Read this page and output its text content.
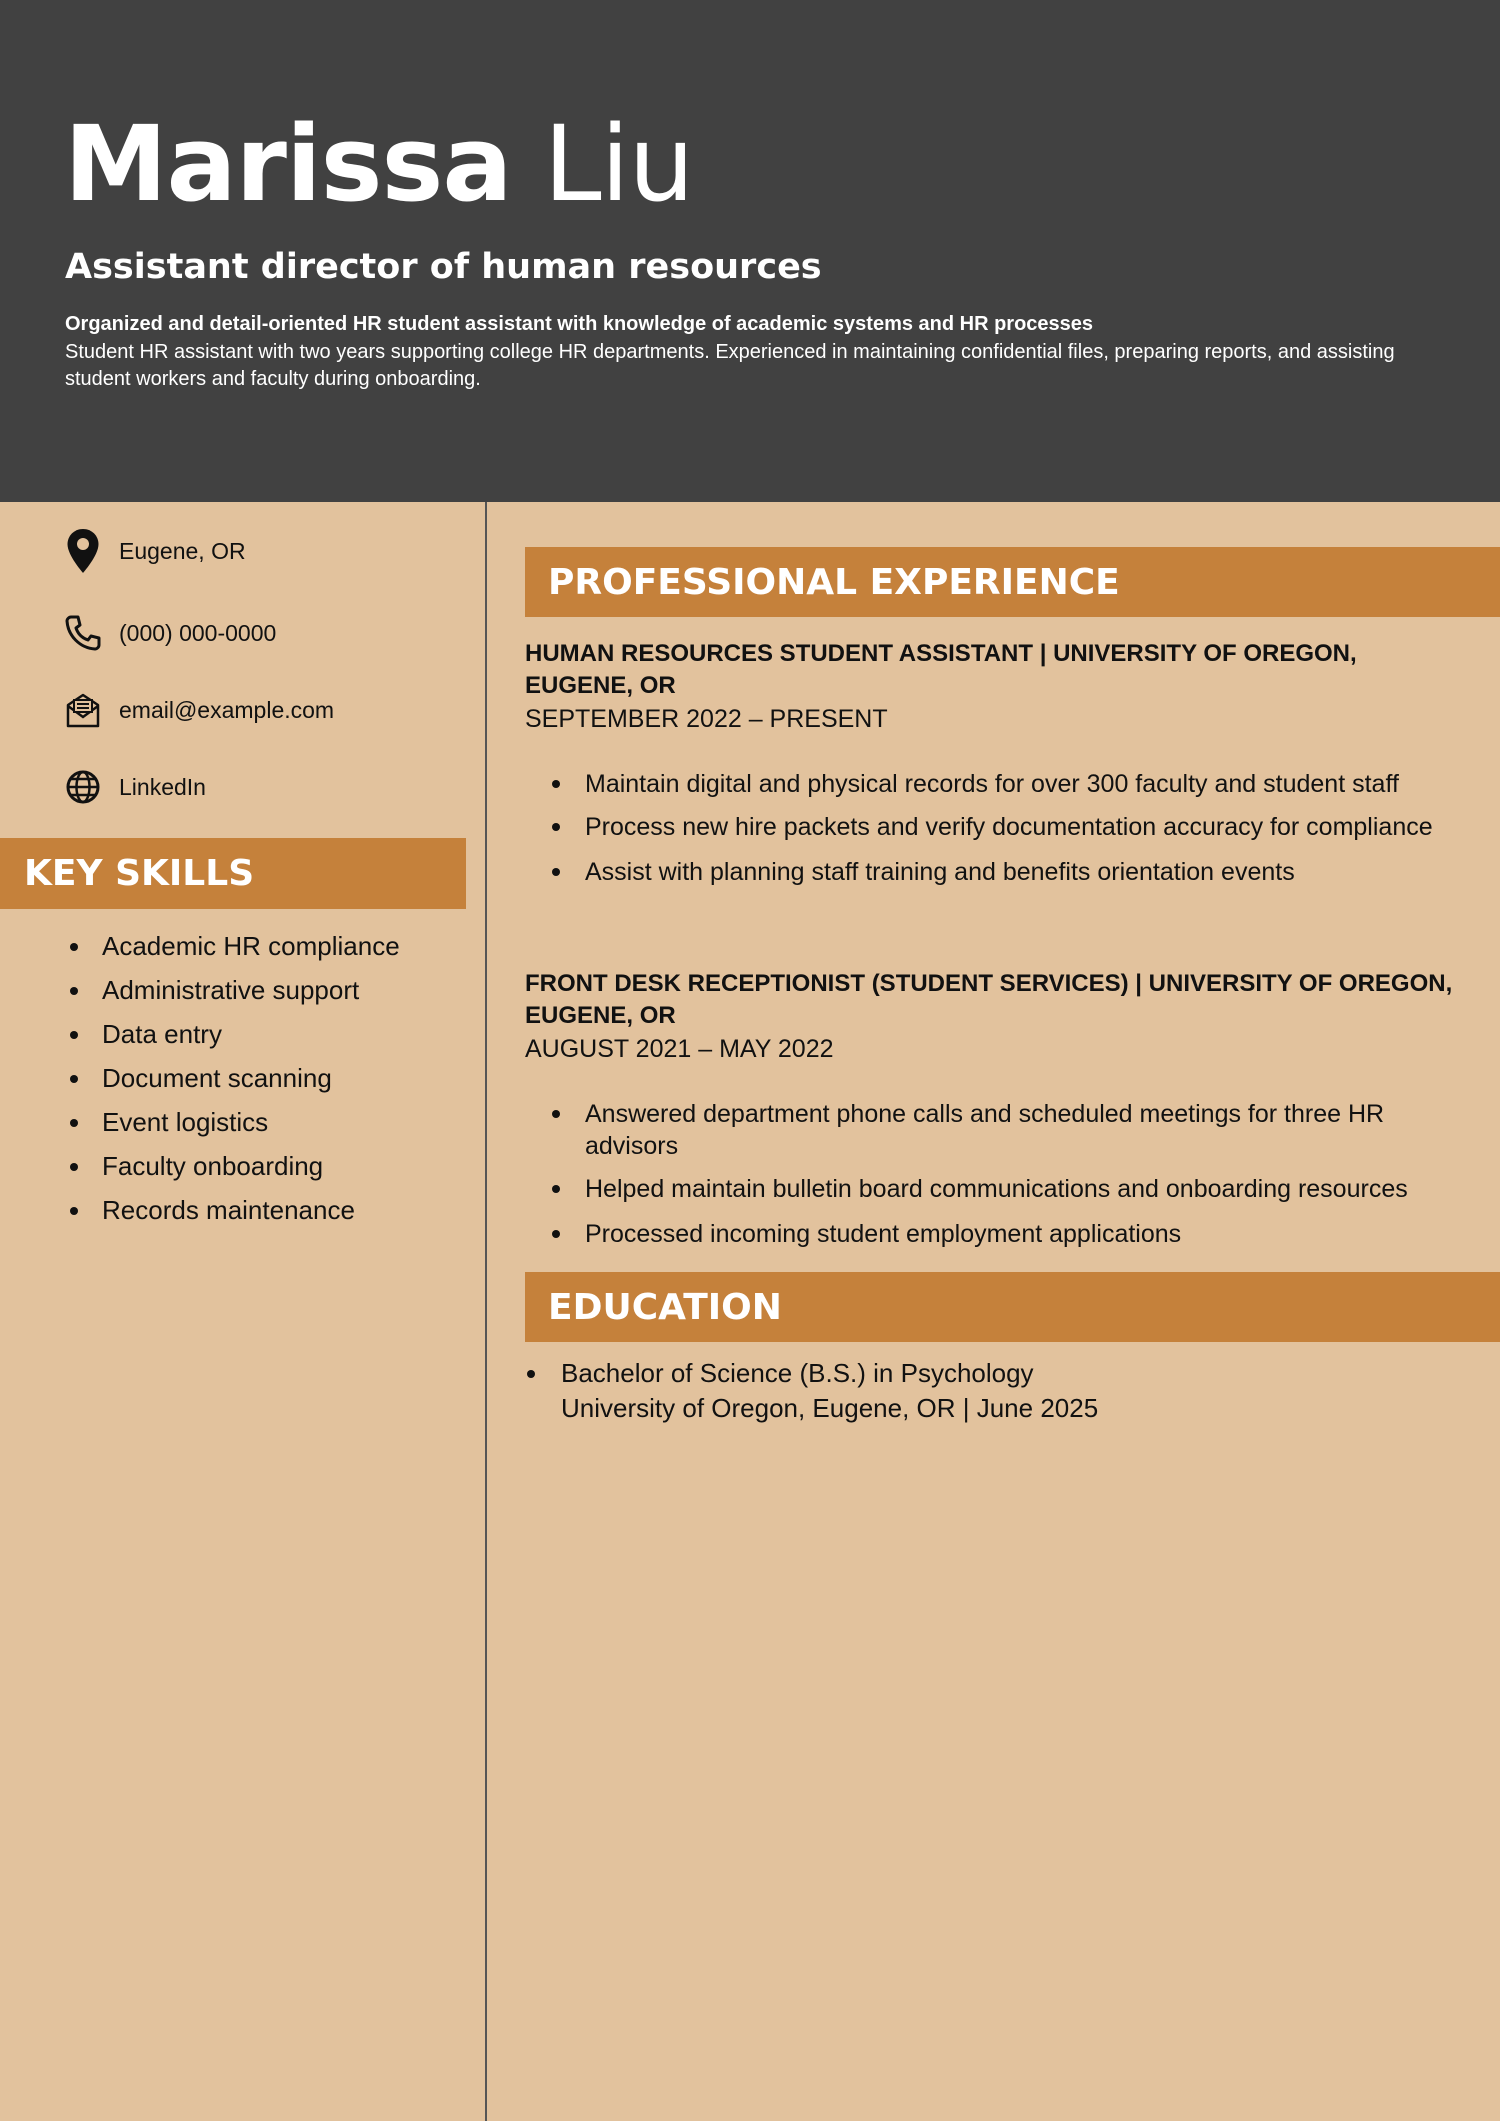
Marissa Liu
Assistant director of human resources
Organized and detail-oriented HR student assistant with knowledge of academic systems and HR processes
Student HR assistant with two years supporting college HR departments. Experienced in maintaining confidential files, preparing reports, and assisting student workers and faculty during onboarding.
Eugene, OR
(000) 000-0000
email@example.com
LinkedIn
KEY SKILLS
Academic HR compliance
Administrative support
Data entry
Document scanning
Event logistics
Faculty onboarding
Records maintenance
PROFESSIONAL EXPERIENCE
HUMAN RESOURCES STUDENT ASSISTANT | UNIVERSITY OF OREGON, EUGENE, OR
SEPTEMBER 2022 – PRESENT
Maintain digital and physical records for over 300 faculty and student staff
Process new hire packets and verify documentation accuracy for compliance
Assist with planning staff training and benefits orientation events
FRONT DESK RECEPTIONIST (STUDENT SERVICES) | UNIVERSITY OF OREGON, EUGENE, OR
AUGUST 2021 – MAY 2022
Answered department phone calls and scheduled meetings for three HR advisors
Helped maintain bulletin board communications and onboarding resources
Processed incoming student employment applications
EDUCATION
Bachelor of Science (B.S.) in Psychology
University of Oregon, Eugene, OR | June 2025
